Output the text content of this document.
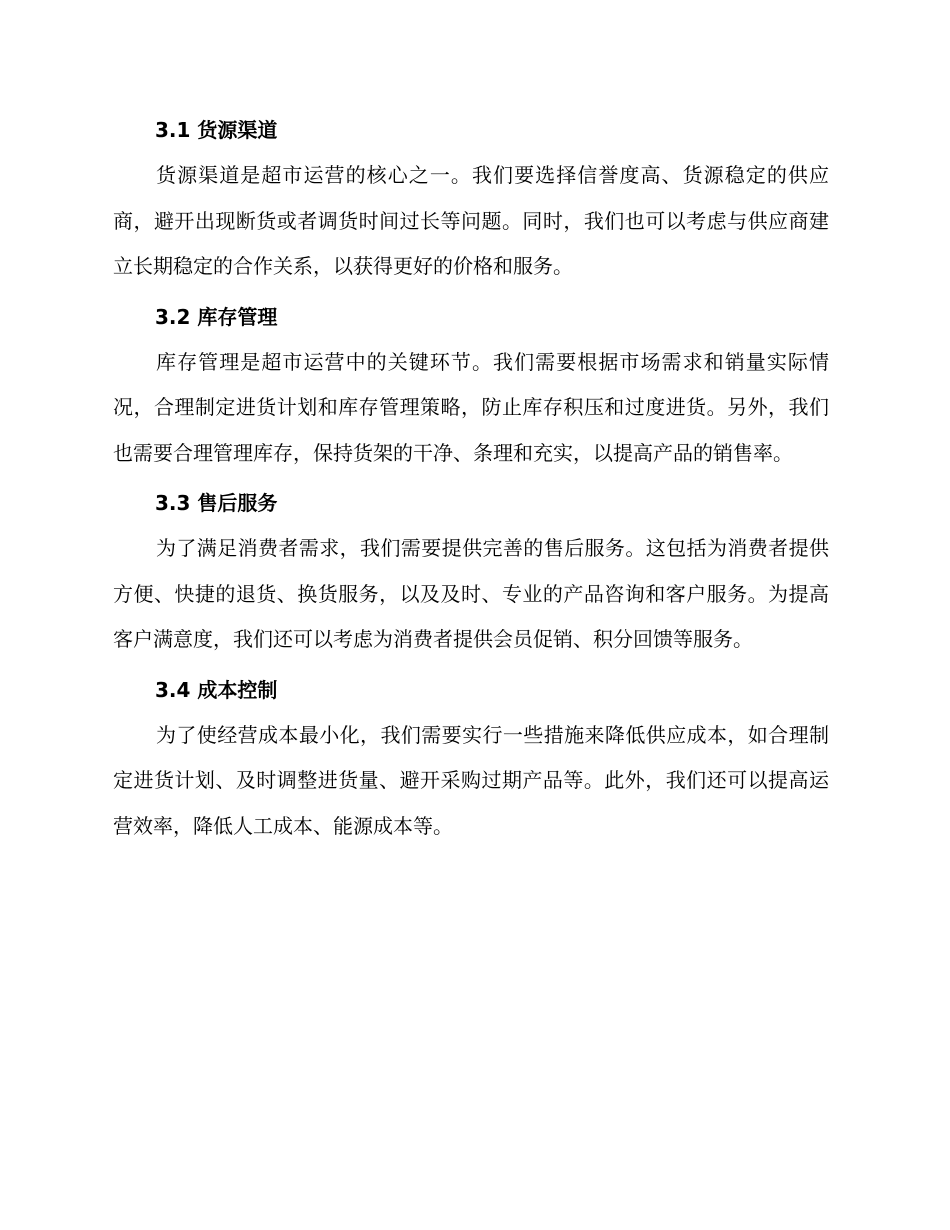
3.1 货源渠道

货源渠道是超市运营的核心之一。我们要选择信誉度高、货源稳定的供应商，避开出现断货或者调货时间过长等问题。同时，我们也可以考虑与供应商建立长期稳定的合作关系，以获得更好的价格和服务。

3.2 库存管理

库存管理是超市运营中的关键环节。我们需要根据市场需求和销量实际情况，合理制定进货计划和库存管理策略，防止库存积压和过度进货。另外，我们也需要合理管理库存，保持货架的干净、条理和充实，以提高产品的销售率。

3.3 售后服务

为了满足消费者需求，我们需要提供完善的售后服务。这包括为消费者提供方便、快捷的退货、换货服务，以及及时、专业的产品咨询和客户服务。为提高客户满意度，我们还可以考虑为消费者提供会员促销、积分回馈等服务。

3.4 成本控制

为了使经营成本最小化，我们需要实行一些措施来降低供应成本，如合理制定进货计划、及时调整进货量、避开采购过期产品等。此外，我们还可以提高运营效率，降低人工成本、能源成本等。
